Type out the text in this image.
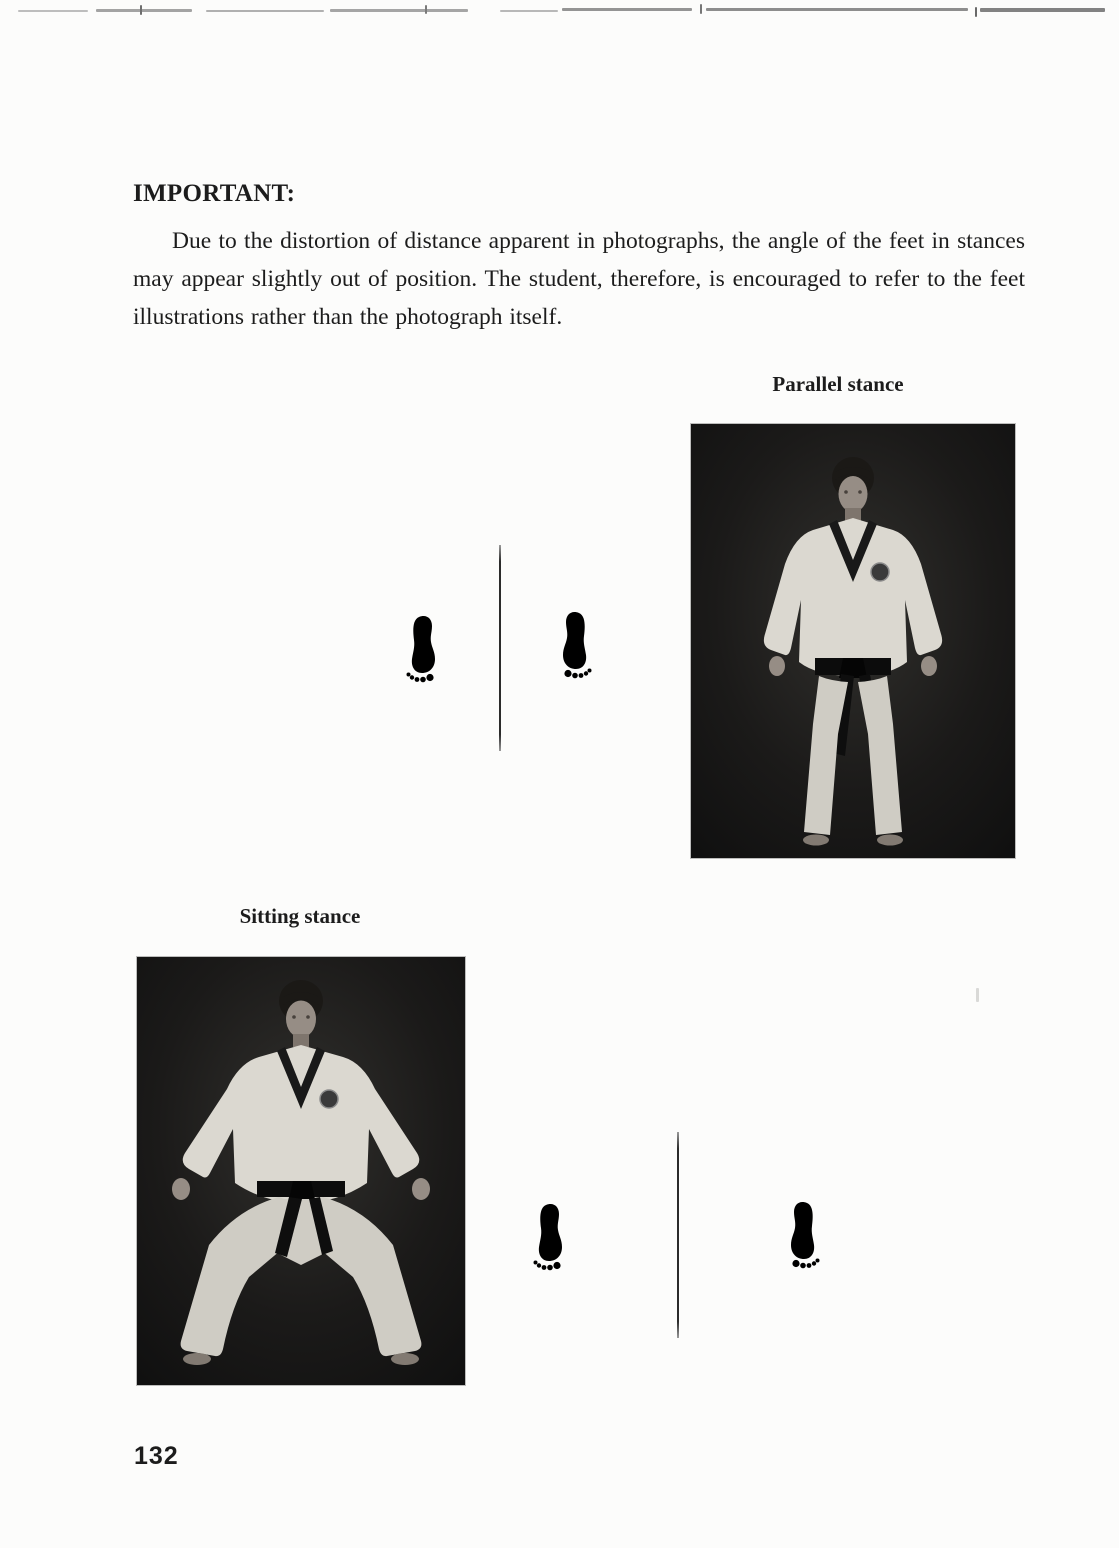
IMPORTANT:

Due to the distortion of distance apparent in photographs, the angle of the feet in stances may appear slightly out of position. The student, therefore, is encouraged to refer to the feet illustrations rather than the photograph itself.

Parallel stance

Sitting stance

132
